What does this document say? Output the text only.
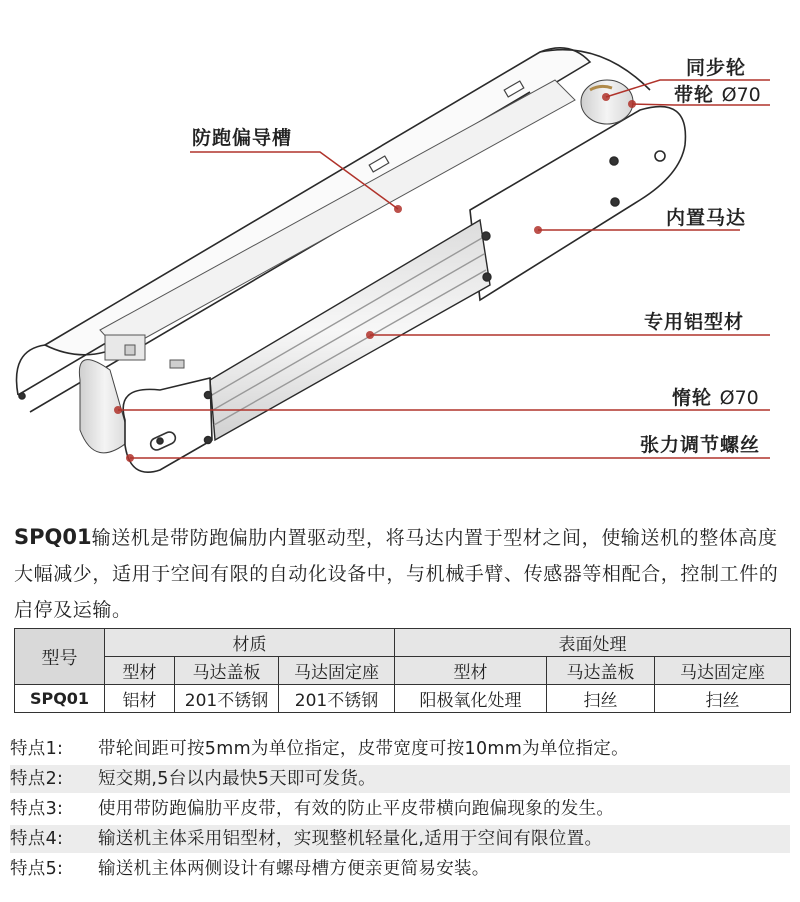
同步轮
带轮 Ø70
防跑偏导槽
内置马达
专用铝型材
惰轮 Ø70
张力调节螺丝

SPQ01输送机是带防跑偏肋内置驱动型，将马达内置于型材之间，使输送机的整体高度大幅减少，适用于空间有限的自动化设备中，与机械手臂、传感器等相配合，控制工件的启停及运输。

型号	材质			表面处理		
	型材	马达盖板	马达固定座	型材	马达盖板	马达固定座
SPQ01	铝材	201不锈钢	201不锈钢	阳极氧化处理	扫丝	扫丝
特点1: 带轮间距可按5mm为单位指定，皮带宽度可按10mm为单位指定。
特点2: 短交期,5台以内最快5天即可发货。
特点3: 使用带防跑偏肋平皮带，有效的防止平皮带横向跑偏现象的发生。
特点4: 输送机主体采用铝型材，实现整机轻量化,适用于空间有限位置。
特点5: 输送机主体两侧设计有螺母槽方便亲更简易安装。
